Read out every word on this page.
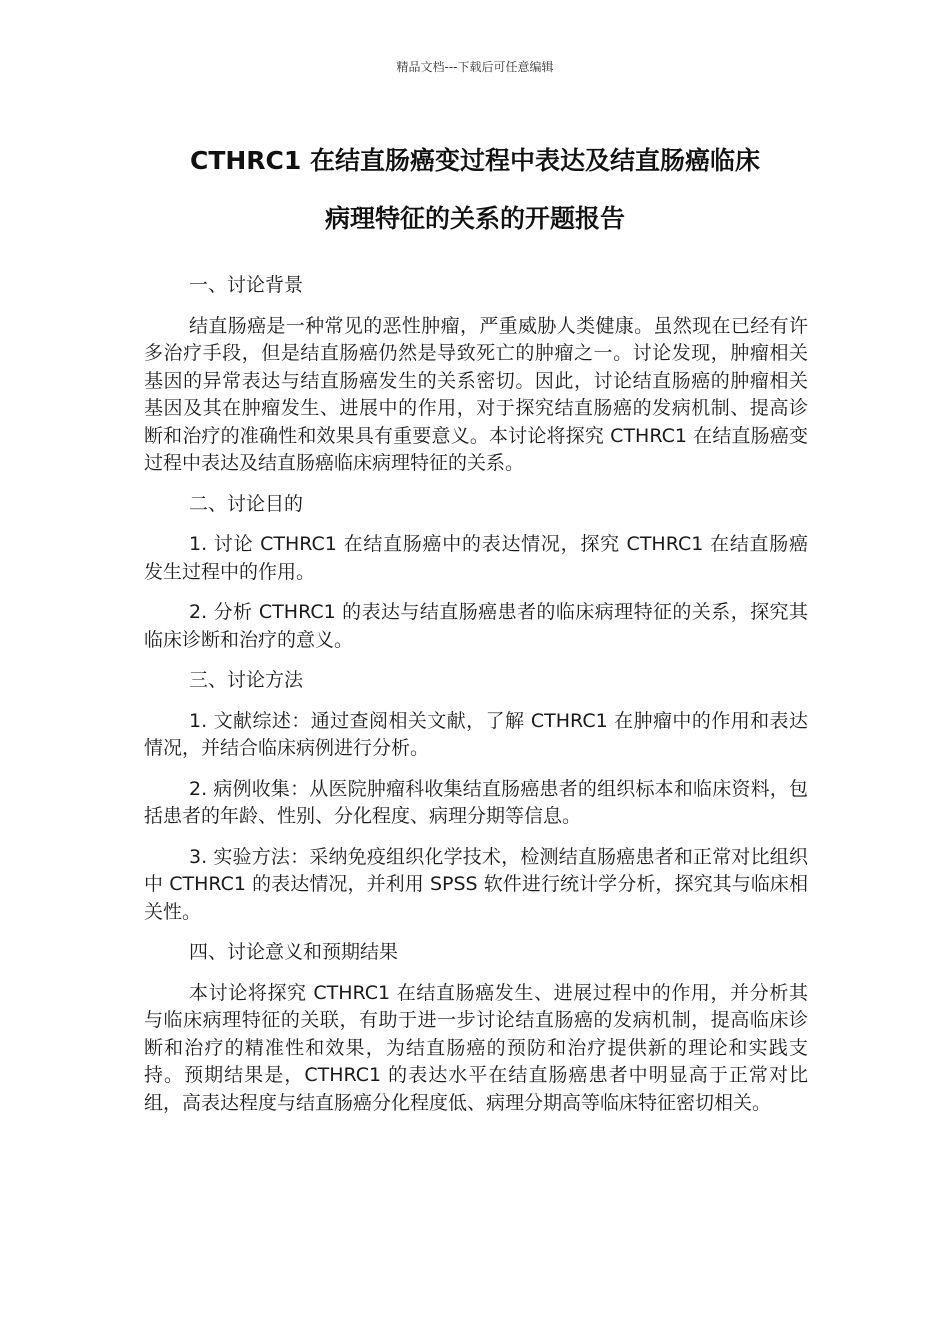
精品文档---下载后可任意编辑
CTHRC1 在结直肠癌变过程中表达及结直肠癌临床
病理特征的关系的开题报告

一、讨论背景

结直肠癌是一种常见的恶性肿瘤，严重威胁人类健康。虽然现在已经有许多治疗手段，但是结直肠癌仍然是导致死亡的肿瘤之一。讨论发现，肿瘤相关基因的异常表达与结直肠癌发生的关系密切。因此，讨论结直肠癌的肿瘤相关基因及其在肿瘤发生、进展中的作用，对于探究结直肠癌的发病机制、提高诊断和治疗的准确性和效果具有重要意义。本讨论将探究 CTHRC1 在结直肠癌变过程中表达及结直肠癌临床病理特征的关系。

二、讨论目的

1. 讨论 CTHRC1 在结直肠癌中的表达情况，探究 CTHRC1 在结直肠癌发生过程中的作用。

2. 分析 CTHRC1 的表达与结直肠癌患者的临床病理特征的关系，探究其临床诊断和治疗的意义。

三、讨论方法

1. 文献综述：通过查阅相关文献，了解 CTHRC1 在肿瘤中的作用和表达情况，并结合临床病例进行分析。

2. 病例收集：从医院肿瘤科收集结直肠癌患者的组织标本和临床资料，包括患者的年龄、性别、分化程度、病理分期等信息。

3. 实验方法：采纳免疫组织化学技术，检测结直肠癌患者和正常对比组织中 CTHRC1 的表达情况，并利用 SPSS 软件进行统计学分析，探究其与临床相关性。

四、讨论意义和预期结果

本讨论将探究 CTHRC1 在结直肠癌发生、进展过程中的作用，并分析其与临床病理特征的关联，有助于进一步讨论结直肠癌的发病机制，提高临床诊断和治疗的精准性和效果，为结直肠癌的预防和治疗提供新的理论和实践支持。预期结果是，CTHRC1 的表达水平在结直肠癌患者中明显高于正常对比组，高表达程度与结直肠癌分化程度低、病理分期高等临床特征密切相关。
